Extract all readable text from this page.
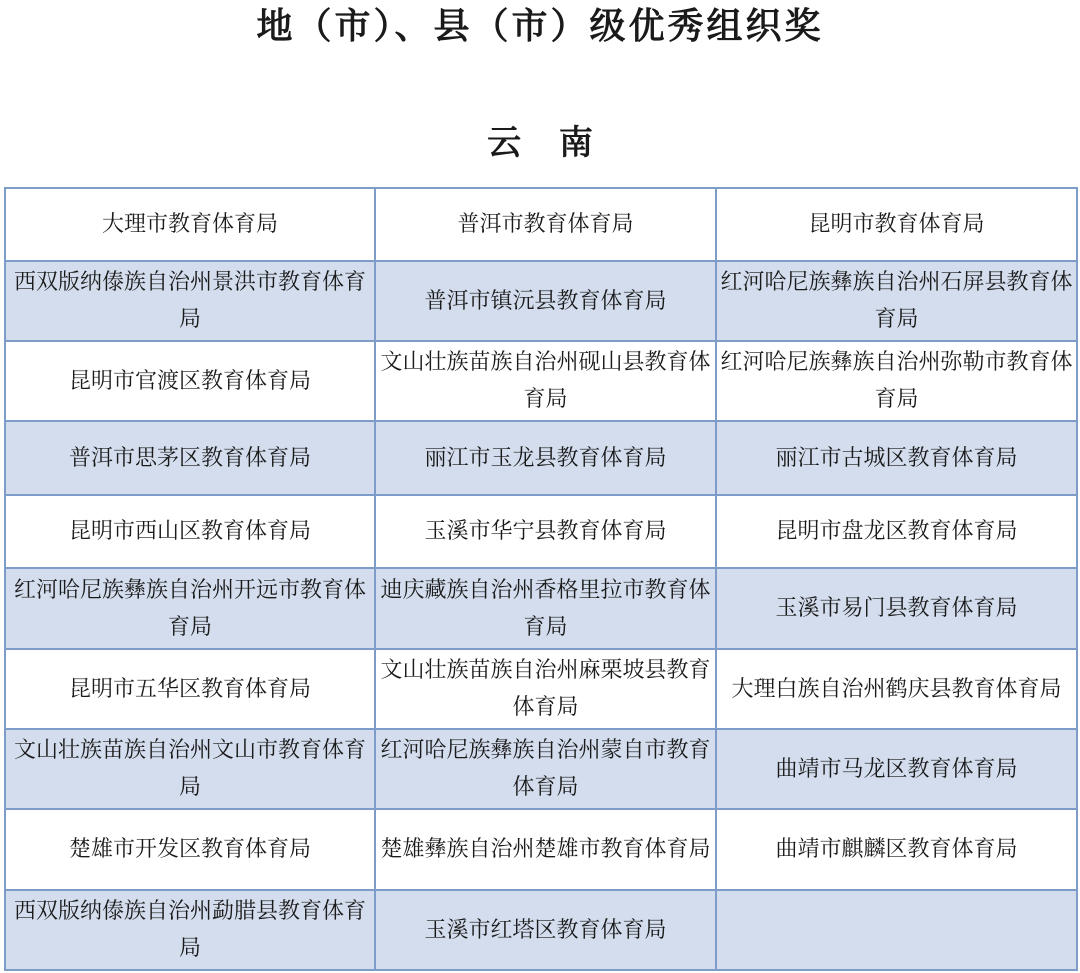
地（市）、县（市）级优秀组织奖
云 南
大理市教育体育局	普洱市教育体育局	昆明市教育体育局
西双版纳傣族自治州景洪市教育体育局	普洱市镇沅县教育体育局	红河哈尼族彝族自治州石屏县教育体育局
昆明市官渡区教育体育局	文山壮族苗族自治州砚山县教育体育局	红河哈尼族彝族自治州弥勒市教育体育局
普洱市思茅区教育体育局	丽江市玉龙县教育体育局	丽江市古城区教育体育局
昆明市西山区教育体育局	玉溪市华宁县教育体育局	昆明市盘龙区教育体育局
红河哈尼族彝族自治州开远市教育体育局	迪庆藏族自治州香格里拉市教育体育局	玉溪市易门县教育体育局
昆明市五华区教育体育局	文山壮族苗族自治州麻栗坡县教育体育局	大理白族自治州鹤庆县教育体育局
文山壮族苗族自治州文山市教育体育局	红河哈尼族彝族自治州蒙自市教育体育局	曲靖市马龙区教育体育局
楚雄市开发区教育体育局	楚雄彝族自治州楚雄市教育体育局	曲靖市麒麟区教育体育局
西双版纳傣族自治州勐腊县教育体育局	玉溪市红塔区教育体育局	
